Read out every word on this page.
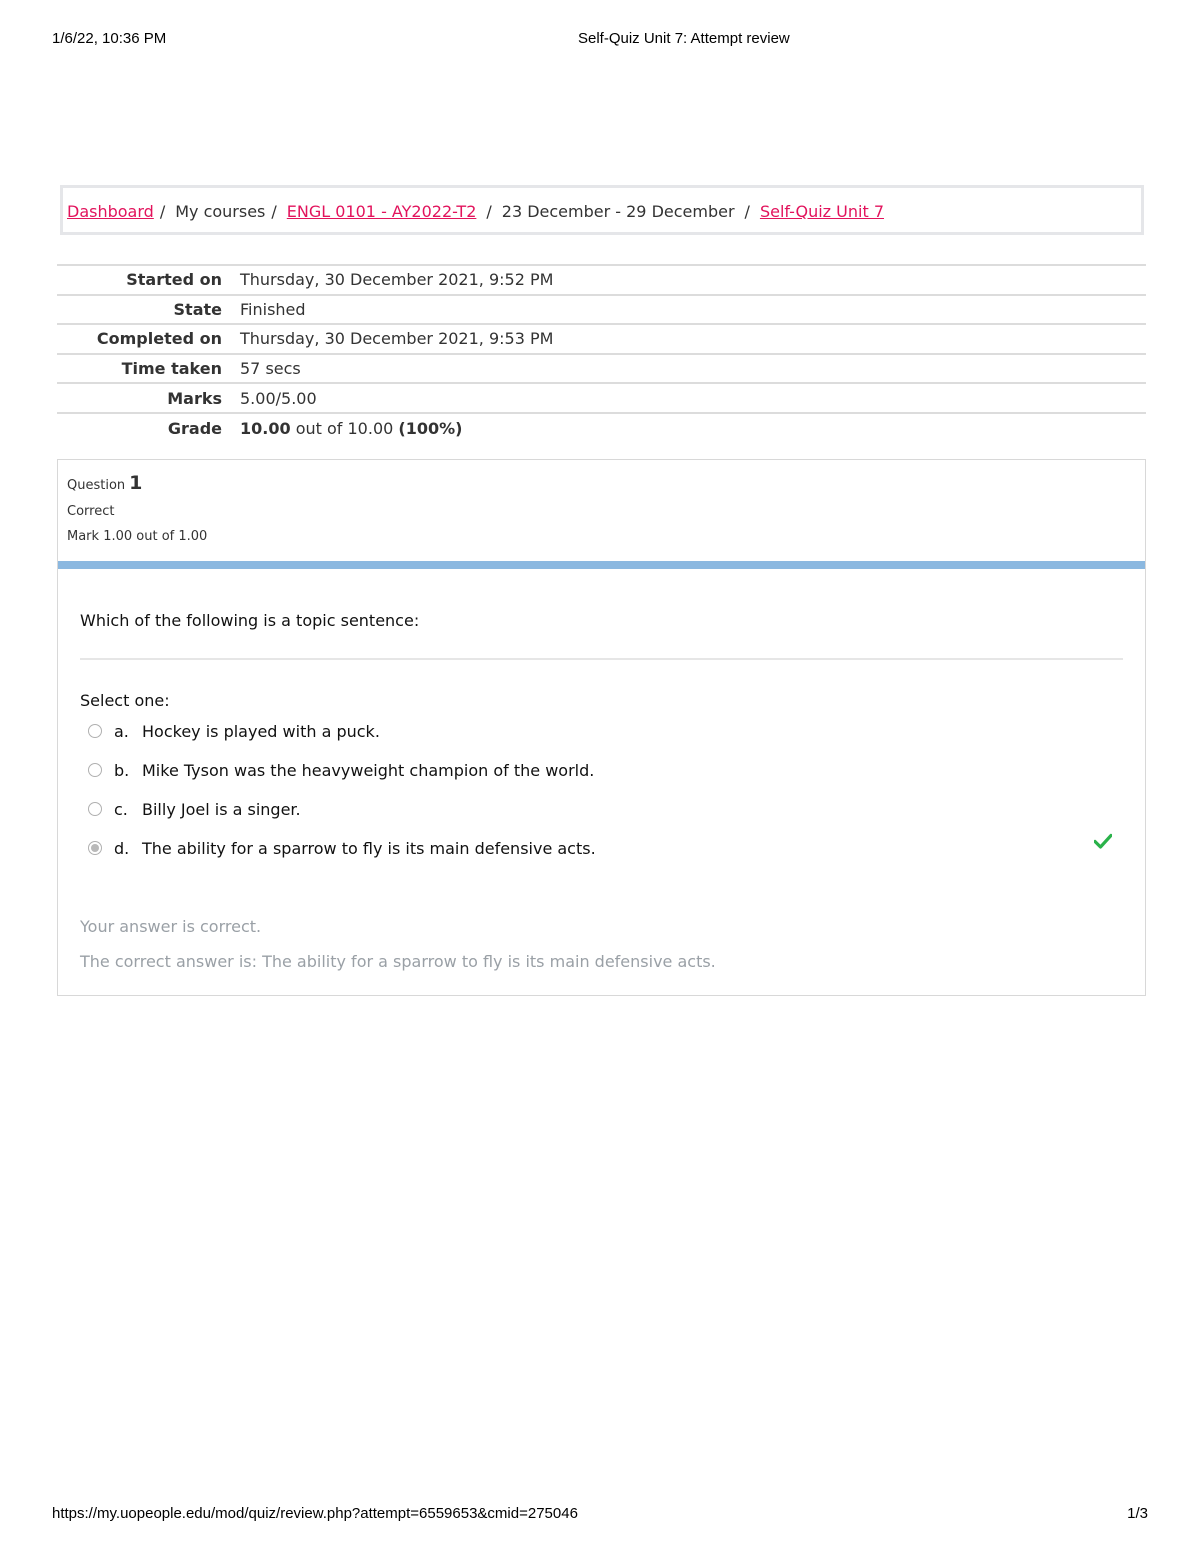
1/6/22, 10:36 PM	Self-Quiz Unit 7: Attempt review
Dashboard / My courses / ENGL 0101 - AY2022-T2 / 23 December - 29 December / Self-Quiz Unit 7
Started on	Thursday, 30 December 2021, 9:52 PM
State	Finished
Completed on	Thursday, 30 December 2021, 9:53 PM
Time taken	57 secs
Marks	5.00/5.00
Grade	10.00 out of 10.00 (100%)
Question 1
Correct
Mark 1.00 out of 1.00
Which of the following is a topic sentence:
Select one:
a. Hockey is played with a puck.
b. Mike Tyson was the heavyweight champion of the world.
c. Billy Joel is a singer.
d. The ability for a sparrow to fly is its main defensive acts.
Your answer is correct.
The correct answer is: The ability for a sparrow to fly is its main defensive acts.
https://my.uopeople.edu/mod/quiz/review.php?attempt=6559653&cmid=275046	1/3
